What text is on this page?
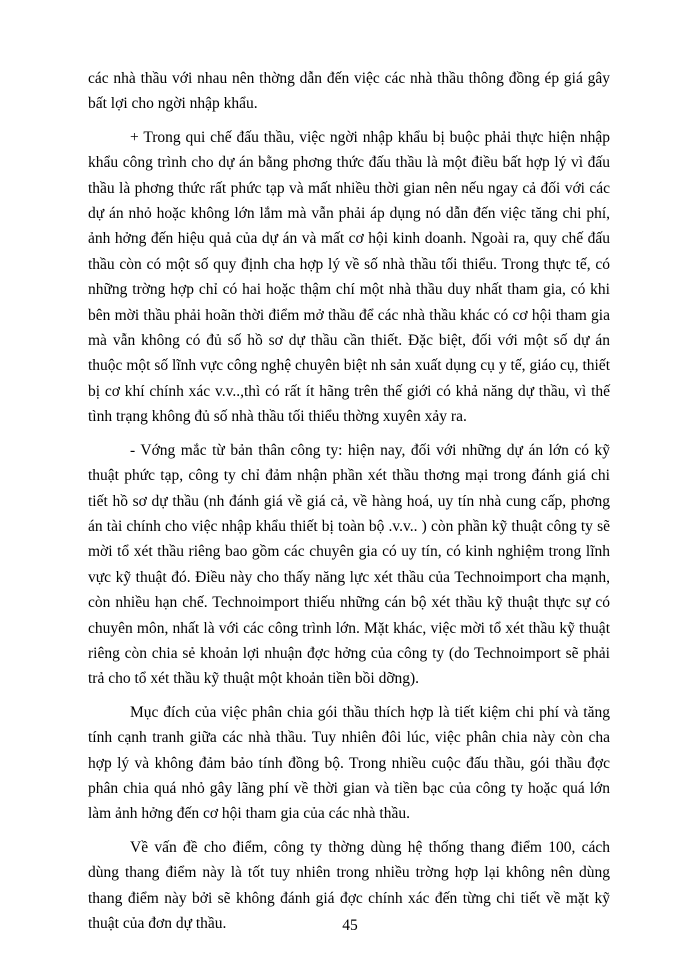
các nhà thầu với nhau nên thờng dẫn đến việc các nhà thầu thông đồng ép giá gây bất lợi cho ngời nhập khẩu.

+ Trong qui chế đấu thầu, việc ngời nhập khẩu bị buộc phải thực hiện nhập khẩu công trình cho dự án bằng phơng thức đấu thầu là một điều bất hợp lý vì đấu thầu là phơng thức rất phức tạp và mất nhiều thời gian nên nếu ngay cả đối với các dự án nhỏ hoặc không lớn lắm mà vẫn phải áp dụng nó dẫn đến việc tăng chi phí, ảnh hởng đến hiệu quả của dự án và mất cơ hội kinh doanh. Ngoài ra, quy chế đấu thầu còn có một số quy định cha hợp lý về số nhà thầu tối thiểu. Trong thực tế, có những trờng hợp chỉ có hai hoặc thậm chí một nhà thầu duy nhất tham gia, có khi bên mời thầu phải hoãn thời điểm mở thầu để các nhà thầu khác có cơ hội tham gia mà vẫn không có đủ số hồ sơ dự thầu cần thiết. Đặc biệt, đối với một số dự án thuộc một số lĩnh vực công nghệ chuyên biệt nh sản xuất dụng cụ y tế, giáo cụ, thiết bị cơ khí chính xác v.v..,thì có rất ít hãng trên thế giới có khả năng dự thầu, vì thế tình trạng không đủ số nhà thầu tối thiểu thờng xuyên xảy ra.

- Vớng mắc từ bản thân công ty: hiện nay, đối với những dự án lớn có kỹ thuật phức tạp, công ty chỉ đảm nhận phần xét thầu thơng mại trong đánh giá chi tiết hồ sơ dự thầu (nh đánh giá về giá cả, về hàng hoá, uy tín nhà cung cấp, phơng án tài chính cho việc nhập khẩu thiết bị toàn bộ .v.v.. ) còn phần kỹ thuật công ty sẽ mời tổ xét thầu riêng bao gồm các chuyên gia có uy tín, có kinh nghiệm trong lĩnh vực kỹ thuật đó. Điều này cho thấy năng lực xét thầu của Technoimport cha mạnh, còn nhiều hạn chế. Technoimport thiếu những cán bộ xét thầu kỹ thuật thực sự có chuyên môn, nhất là với các công trình lớn. Mặt khác, việc mời tổ xét thầu kỹ thuật riêng còn chia sẻ khoản lợi nhuận đợc hởng của công ty (do Technoimport sẽ phải trả cho tổ xét thầu kỹ thuật một khoản tiền bồi dỡng).

Mục đích của việc phân chia gói thầu thích hợp là tiết kiệm chi phí và tăng tính cạnh tranh giữa các nhà thầu. Tuy nhiên đôi lúc, việc phân chia này còn cha hợp lý và không đảm bảo tính đồng bộ. Trong nhiều cuộc đấu thầu, gói thầu đợc phân chia quá nhỏ gây lãng phí về thời gian và tiền bạc của công ty hoặc quá lớn làm ảnh hởng đến cơ hội tham gia của các nhà thầu.

Về vấn đề cho điểm, công ty thờng dùng hệ thống thang điểm 100, cách dùng thang điểm này là tốt tuy nhiên trong nhiều trờng hợp lại không nên dùng thang điểm này bởi sẽ không đánh giá đợc chính xác đến từng chi tiết về mặt kỹ thuật của đơn dự thầu.	45
